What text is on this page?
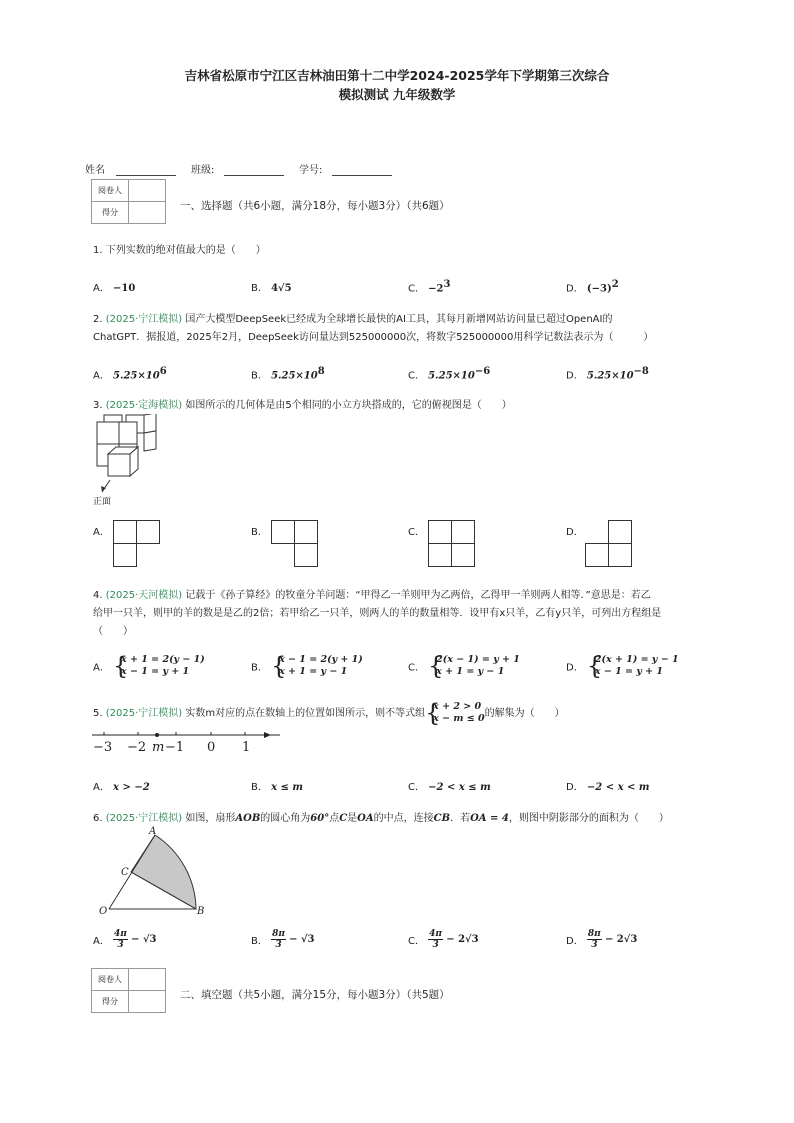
吉林省松原市宁江区吉林油田第十二中学2024-2025学年下学期第三次综合
模拟测试 九年级数学
姓名	班级:	学号:
阅卷人	
得分	
一、选择题（共6小题，满分18分，每小题3分）（共6题）
1. 下列实数的绝对值最大的是（　　）
A． −10	B． 4√5	C． $-2^3$	D． $(-3)^2$
2. (2025·宁江模拟) 国产大模型DeepSeek已经成为全球增长最快的AI工具，其每月新增网站访问量已超过OpenAI的
ChatGPT．据报道，2025年2月，DeepSeek访问量达到525000000次，将数字525000000用科学记数法表示为（　　　）
A． $5.25\times 10^6$	B． $5.25\times 10^8$	C． $5.25\times 10^{-6}$	D． $5.25\times 10^{-8}$
3. (2025·定海模拟) 如图所示的几何体是由5个相同的小立方块搭成的，它的俯视图是（　　）
正面
A．	B．	C．	D．
4. (2025·天河模拟) 记载于《孙子算经》的牧童分羊问题：“甲得乙一羊则甲为乙两倍，乙得甲一羊则两人相等．”意思是：若乙
给甲一只羊，则甲的羊的数是是乙的2倍；若甲给乙一只羊，则两人的羊的数量相等．设甲有x只羊，乙有y只羊，可列出方程组是
（　　）
A． {
x + 1 = 2(y − 1)
x − 1 = y + 1	B． {
x − 1 = 2(y + 1)
x + 1 = y − 1	C． {
2(x − 1) = y + 1
x + 1 = y − 1	D． {
2(x + 1) = y − 1
x − 1 = y + 1
5. (2025·宁江模拟) 实数m对应的点在数轴上的位置如图所示，则不等式组 {
x + 2 > 0
x − m ≤ 0 的解集为（　　）
−3 −2 m −1 0 1
A． x > −2	B． x ≤ m	C． −2 < x ≤ m	D． −2 < x < m
6. (2025·宁江模拟) 如图，扇形AOB的圆心角为60°点C是OA的中点，连接CB．若OA = 4，则图中阴影部分的面积为（　　）
A
C
O	B
A． $\frac{4\pi}{3} - √3$	B． $\frac{8\pi}{3} - √3$	C． $\frac{4\pi}{3} - 2√3$	D． $\frac{8\pi}{3} - 2√3$
阅卷人	
得分	
二、填空题（共5小题，满分15分，每小题3分）（共5题）
